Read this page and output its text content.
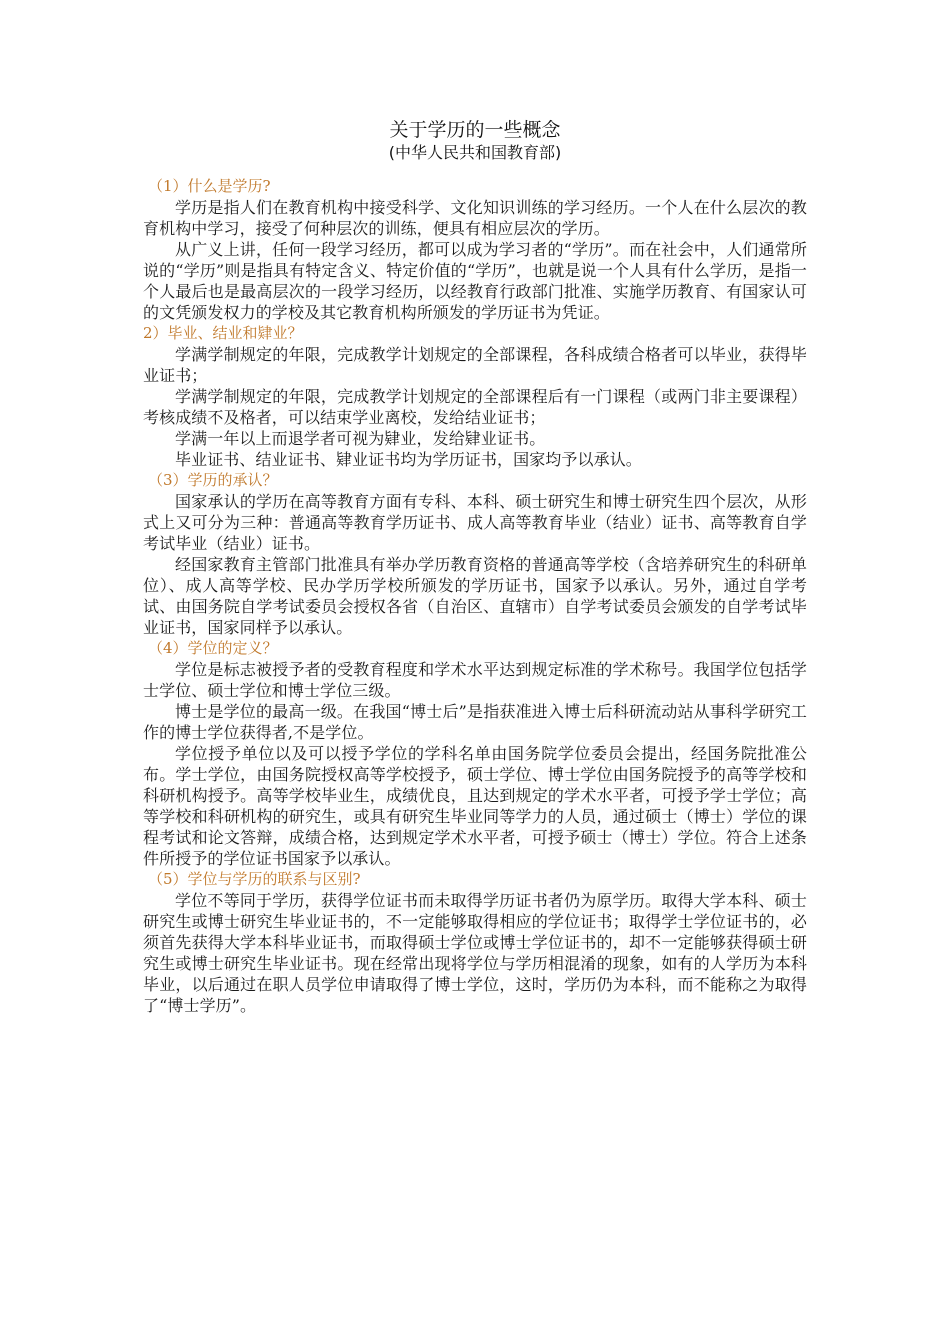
关于学历的一些概念
(中华人民共和国教育部)
（1）什么是学历?

学历是指人们在教育机构中接受科学、文化知识训练的学习经历。一个人在什么层次的教育机构中学习，接受了何种层次的训练，便具有相应层次的学历。

从广义上讲，任何一段学习经历，都可以成为学习者的“学历”。而在社会中，人们通常所说的“学历”则是指具有特定含义、特定价值的“学历”，也就是说一个人具有什么学历，是指一个人最后也是最高层次的一段学习经历，以经教育行政部门批准、实施学历教育、有国家认可的文凭颁发权力的学校及其它教育机构所颁发的学历证书为凭证。

2）毕业、结业和肄业？

学满学制规定的年限，完成教学计划规定的全部课程，各科成绩合格者可以毕业，获得毕业证书；

学满学制规定的年限，完成教学计划规定的全部课程后有一门课程（或两门非主要课程）考核成绩不及格者，可以结束学业离校，发给结业证书；

学满一年以上而退学者可视为肄业，发给肄业证书。

毕业证书、结业证书、肄业证书均为学历证书，国家均予以承认。

（3）学历的承认？

国家承认的学历在高等教育方面有专科、本科、硕士研究生和博士研究生四个层次，从形式上又可分为三种：普通高等教育学历证书、成人高等教育毕业（结业）证书、高等教育自学考试毕业（结业）证书。

经国家教育主管部门批准具有举办学历教育资格的普通高等学校（含培养研究生的科研单位）、成人高等学校、民办学历学校所颁发的学历证书，国家予以承认。另外，通过自学考试、由国务院自学考试委员会授权各省（自治区、直辖市）自学考试委员会颁发的自学考试毕业证书，国家同样予以承认。

（4）学位的定义？

学位是标志被授予者的受教育程度和学术水平达到规定标准的学术称号。我国学位包括学士学位、硕士学位和博士学位三级。

博士是学位的最高一级。在我国“博士后”是指获准进入博士后科研流动站从事科学研究工作的博士学位获得者,不是学位。

学位授予单位以及可以授予学位的学科名单由国务院学位委员会提出，经国务院批准公布。学士学位，由国务院授权高等学校授予，硕士学位、博士学位由国务院授予的高等学校和科研机构授予。高等学校毕业生，成绩优良，且达到规定的学术水平者，可授予学士学位；高等学校和科研机构的研究生，或具有研究生毕业同等学力的人员，通过硕士（博士）学位的课程考试和论文答辩，成绩合格，达到规定学术水平者，可授予硕士（博士）学位。符合上述条件所授予的学位证书国家予以承认。

（5）学位与学历的联系与区别?

学位不等同于学历，获得学位证书而未取得学历证书者仍为原学历。取得大学本科、硕士研究生或博士研究生毕业证书的，不一定能够取得相应的学位证书；取得学士学位证书的，必须首先获得大学本科毕业证书，而取得硕士学位或博士学位证书的，却不一定能够获得硕士研究生或博士研究生毕业证书。现在经常出现将学位与学历相混淆的现象，如有的人学历为本科毕业，以后通过在职人员学位申请取得了博士学位，这时，学历仍为本科，而不能称之为取得了“博士学历”。
